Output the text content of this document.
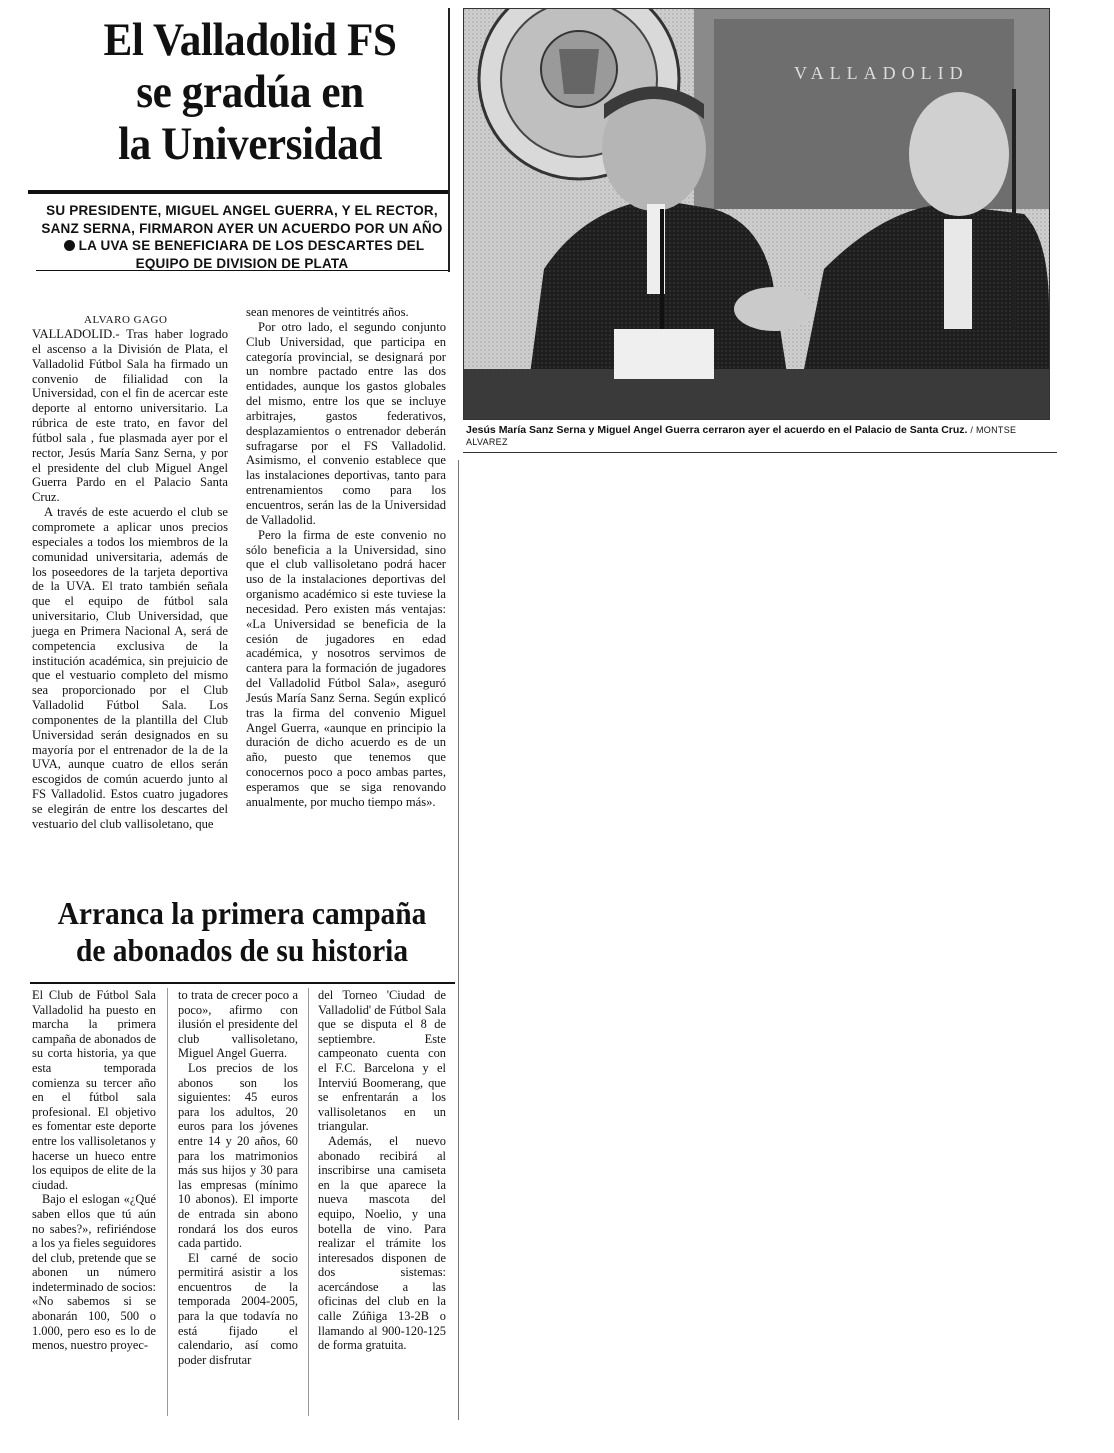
El Valladolid FS
se gradúa en
la Universidad
SU PRESIDENTE, MIGUEL ANGEL GUERRA, Y EL RECTOR, SANZ SERNA, FIRMARON AYER UN ACUERDO POR UN AÑOLA UVA SE BENEFICIARA DE LOS DESCARTES DEL EQUIPO DE DIVISION DE PLATA
ALVARO GAGO

VALLADOLID.- Tras haber logrado el ascenso a la División de Plata, el Valladolid Fútbol Sala ha firmado un convenio de filialidad con la Universidad, con el fin de acercar este deporte al entorno universitario. La rúbrica de este trato, en favor del fútbol sala , fue plasmada ayer por el rector, Jesús María Sanz Serna, y por el presidente del club Miguel Angel Guerra Pardo en el Palacio Santa Cruz.

A través de este acuerdo el club se compromete a aplicar unos precios especiales a todos los miembros de la comunidad universitaria, además de los poseedores de la tarjeta deportiva de la UVA. El trato también señala que el equipo de fútbol sala universitario, Club Universidad, que juega en Primera Nacional A, será de competencia exclusiva de la institución académica, sin prejuicio de que el vestuario completo del mismo sea proporcionado por el Club Valladolid Fútbol Sala. Los componentes de la plantilla del Club Universidad serán designados en su mayoría por el entrenador de la de la UVA, aunque cuatro de ellos serán escogidos de común acuerdo junto al FS Valladolid. Estos cuatro jugadores se elegirán de entre los descartes del vestuario del club vallisoletano, que

sean menores de veintitrés años.

Por otro lado, el segundo conjunto Club Universidad, que participa en categoría provincial, se designará por un nombre pactado entre las dos entidades, aunque los gastos globales del mismo, entre los que se incluye arbitrajes, gastos federativos, desplazamientos o entrenador deberán sufragarse por el FS Valladolid. Asimismo, el convenio establece que las instalaciones deportivas, tanto para entrenamientos como para los encuentros, serán las de la Universidad de Valladolid.

Pero la firma de este convenio no sólo beneficia a la Universidad, sino que el club vallisoletano podrá hacer uso de la instalaciones deportivas del organismo académico si este tuviese la necesidad. Pero existen más ventajas: «La Universidad se beneficia de la cesión de jugadores en edad académica, y nosotros servimos de cantera para la formación de jugadores del Valladolid Fútbol Sala», aseguró Jesús María Sanz Serna. Según explicó tras la firma del convenio Miguel Angel Guerra, «aunque en principio la duración de dicho acuerdo es de un año, puesto que tenemos que conocernos poco a poco ambas partes, esperamos que se siga renovando anualmente, por mucho tiempo más».

VALLADOLID
Jesús María Sanz Serna y Miguel Angel Guerra cerraron ayer el acuerdo en el Palacio de Santa Cruz. / MONTSE ALVAREZ
Arranca la primera campaña
de abonados de su historia

El Club de Fútbol Sala Valladolid ha puesto en marcha la primera campaña de abonados de su corta historia, ya que esta temporada comienza su tercer año en el fútbol sala profesional. El objetivo es fomentar este deporte entre los vallisoletanos y hacerse un hueco entre los equipos de elite de la ciudad.

Bajo el eslogan «¿Qué saben ellos que tú aún no sabes?», refiriéndose a los ya fieles seguidores del club, pretende que se abonen un número indeterminado de socios: «No sabemos si se abonarán 100, 500 o 1.000, pero eso es lo de menos, nuestro proyec-

to trata de crecer poco a poco», afirmo con ilusión el presidente del club vallisoletano, Miguel Angel Guerra.

Los precios de los abonos son los siguientes: 45 euros para los adultos, 20 euros para los jóvenes entre 14 y 20 años, 60 para los matrimonios más sus hijos y 30 para las empresas (mínimo 10 abonos). El importe de entrada sin abono rondará los dos euros cada partido.

El carné de socio permitirá asistir a los encuentros de la temporada 2004-2005, para la que todavía no está fijado el calendario, así como poder disfrutar

del Torneo 'Ciudad de Valladolid' de Fútbol Sala que se disputa el 8 de septiembre. Este campeonato cuenta con el F.C. Barcelona y el Interviú Boomerang, que se enfrentarán a los vallisoletanos en un triangular.

Además, el nuevo abonado recibirá al inscribirse una camiseta en la que aparece la nueva mascota del equipo, Noelio, y una botella de vino. Para realizar el trámite los interesados disponen de dos sistemas: acercándose a las oficinas del club en la calle Zúñiga 13-2B o llamando al 900-120-125 de forma gratuita.
